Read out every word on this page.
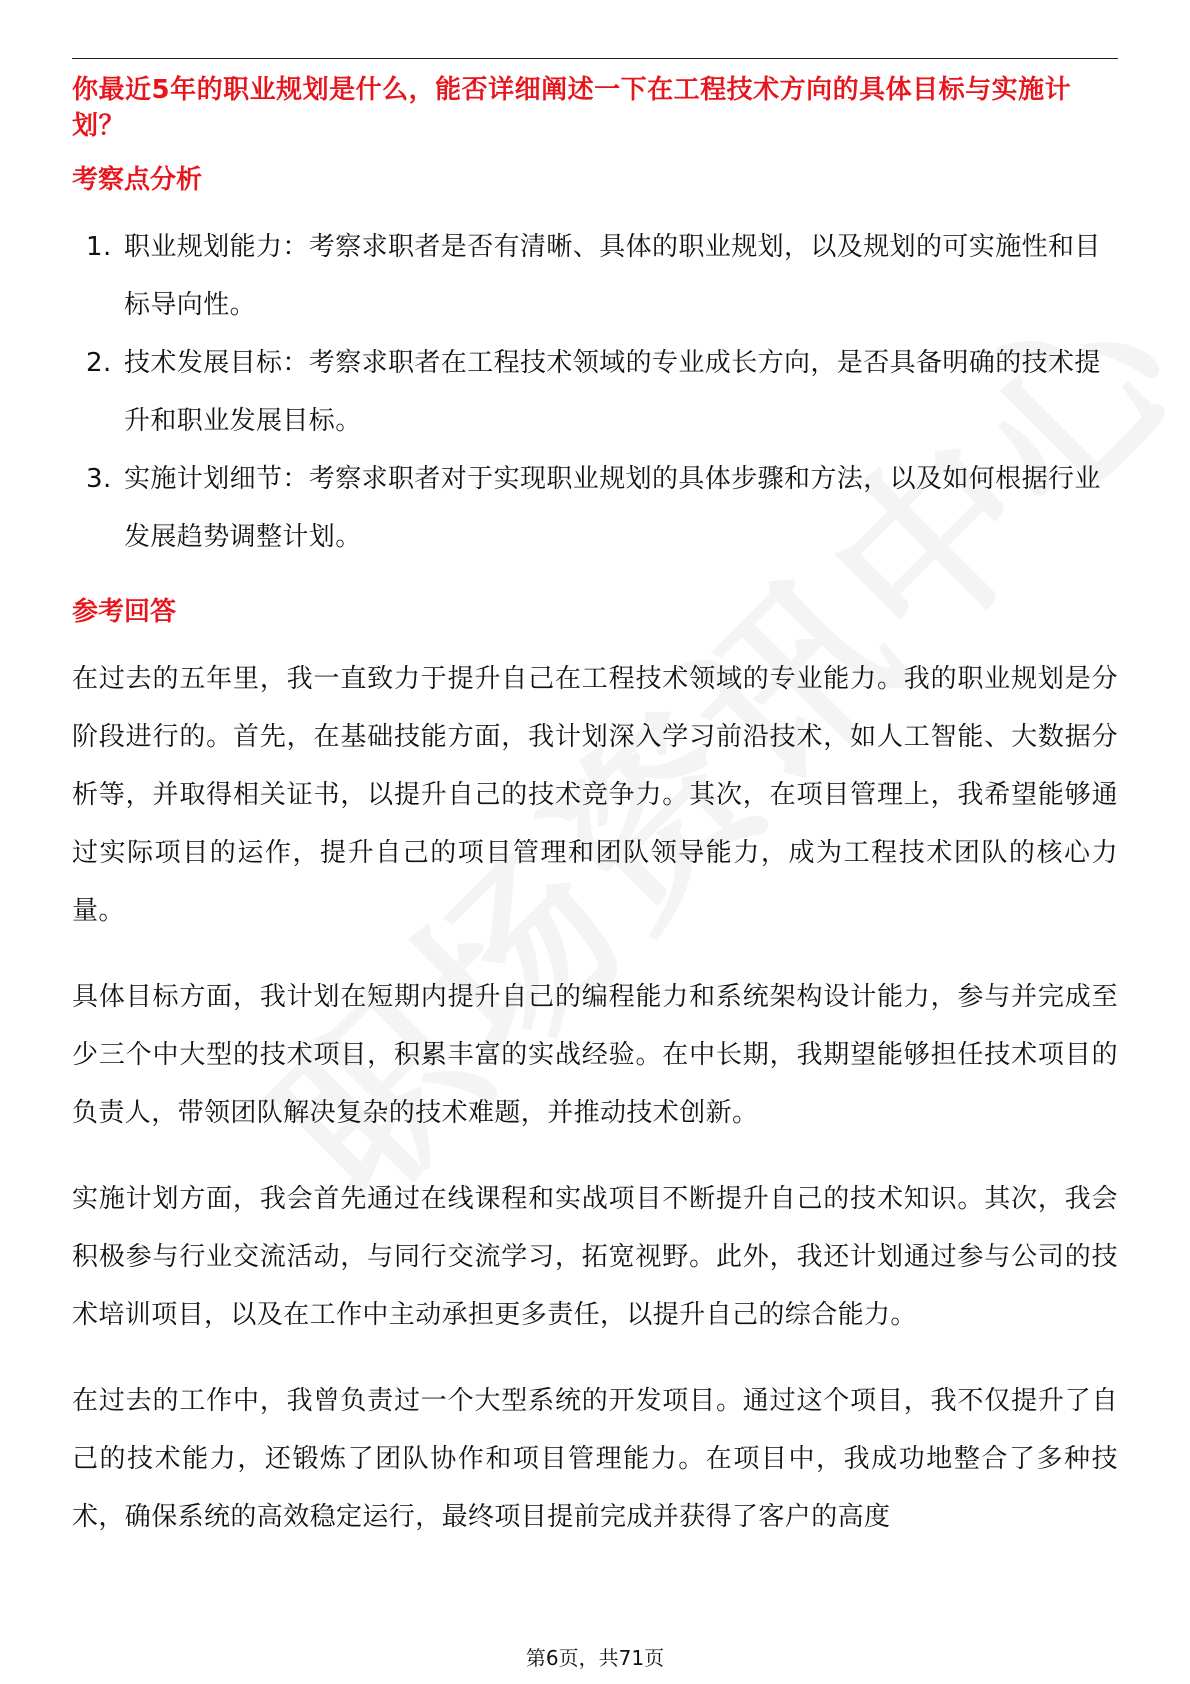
你最近5年的职业规划是什么，能否详细阐述一下在工程技术方向的具体目标与实施计划？
考察点分析
1. 职业规划能力：考察求职者是否有清晰、具体的职业规划，以及规划的可实施性和目标导向性。
2. 技术发展目标：考察求职者在工程技术领域的专业成长方向，是否具备明确的技术提升和职业发展目标。
3. 实施计划细节：考察求职者对于实现职业规划的具体步骤和方法，以及如何根据行业发展趋势调整计划。
参考回答

在过去的五年里，我一直致力于提升自己在工程技术领域的专业能力。我的职业规划是分阶段进行的。首先，在基础技能方面，我计划深入学习前沿技术，如人工智能、大数据分析等，并取得相关证书，以提升自己的技术竞争力。其次，在项目管理上，我希望能够通过实际项目的运作，提升自己的项目管理和团队领导能力，成为工程技术团队的核心力量。

具体目标方面，我计划在短期内提升自己的编程能力和系统架构设计能力，参与并完成至少三个中大型的技术项目，积累丰富的实战经验。在中长期，我期望能够担任技术项目的负责人，带领团队解决复杂的技术难题，并推动技术创新。

实施计划方面，我会首先通过在线课程和实战项目不断提升自己的技术知识。其次，我会积极参与行业交流活动，与同行交流学习，拓宽视野。此外，我还计划通过参与公司的技术培训项目，以及在工作中主动承担更多责任，以提升自己的综合能力。

在过去的工作中，我曾负责过一个大型系统的开发项目。通过这个项目，我不仅提升了自己的技术能力，还锻炼了团队协作和项目管理能力。在项目中，我成功地整合了多种技术，确保系统的高效稳定运行，最终项目提前完成并获得了客户的高度

第6页，共71页
